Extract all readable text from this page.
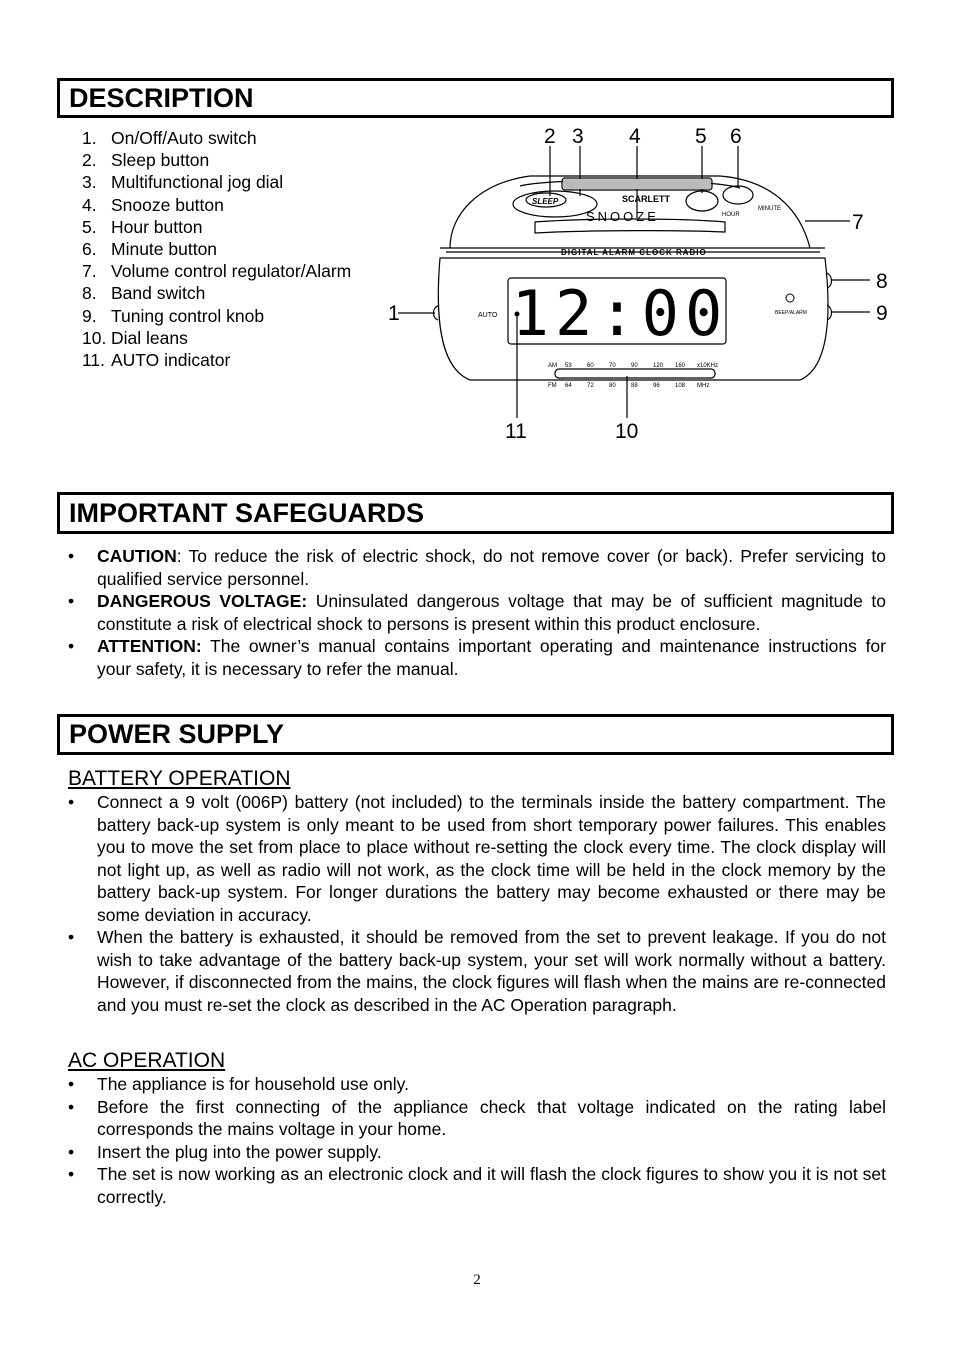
DESCRIPTION
1. On/Off/Auto switch
2. Sleep button
3. Multifunctional jog dial
4. Snooze button
5. Hour button
6. Minute button
7. Volume control regulator/Alarm
8. Band switch
9. Tuning control knob
10. Dial leans
11. AUTO indicator
12:00
SCARLETT
SNOOZE
SLEEP
HOUR
MINUTE
DIGITAL ALARM CLOCK RADIO
AUTO	BEEP/ALARM
AM
FM
53	60	70	90	120 160 x10KHz
64	72	80	88	96	108 MHz
1
2 3 4	5 6
7
8
9
10
11
IMPORTANT SAFEGUARDS
• CAUTION: To reduce the risk of electric shock, do not remove cover (or back). Prefer servicing to qualified service personnel.
• DANGEROUS VOLTAGE: Uninsulated dangerous voltage that may be of sufficient magnitude to constitute a risk of electrical shock to persons is present within this product enclosure.
• ATTENTION: The owner’s manual contains important operating and maintenance instructions for your safety, it is necessary to refer the manual.
POWER SUPPLY
BATTERY OPERATION
• Connect a 9 volt (006P) battery (not included) to the terminals inside the battery compartment. The battery back-up system is only meant to be used from short temporary power failures. This enables you to move the set from place to place without re-setting the clock every time. The clock display will not light up, as well as radio will not work, as the clock time will be held in the clock memory by the battery back-up system. For longer durations the battery may become exhausted or there may be some deviation in accuracy.
• When the battery is exhausted, it should be removed from the set to prevent leakage. If you do not wish to take advantage of the battery back-up system, your set will work normally without a battery. However, if disconnected from the mains, the clock figures will flash when the mains are re-connected and you must re-set the clock as described in the AC Operation paragraph.
AC OPERATION
• The appliance is for household use only.
• Before the first connecting of the appliance check that voltage indicated on the rating label corresponds the mains voltage in your home.
• Insert the plug into the power supply.
• The set is now working as an electronic clock and it will flash the clock figures to show you it is not set correctly.
2
